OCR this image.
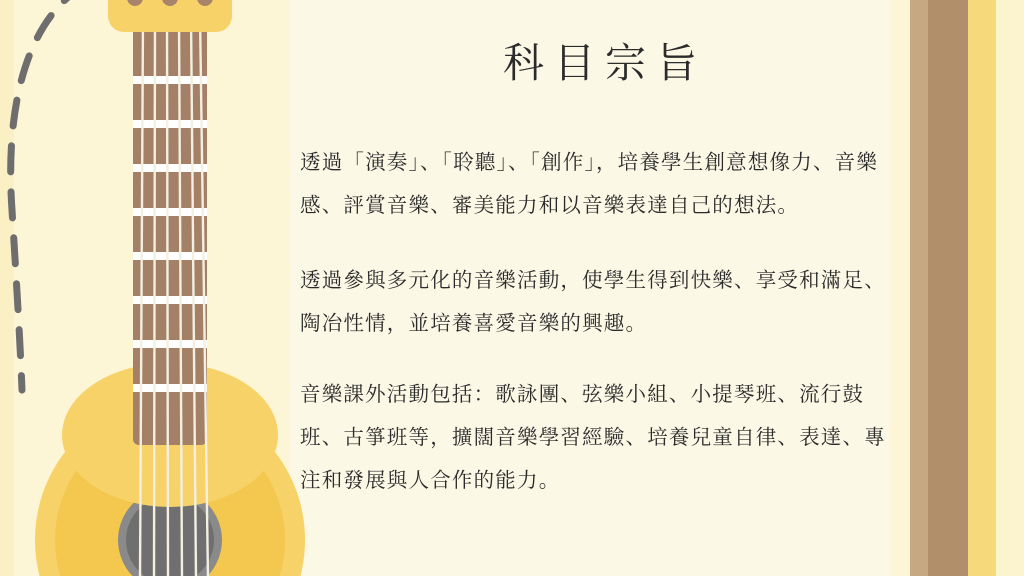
科目宗旨

透過「演奏」、「聆聽」、「創作」，培養學生創意想像力、音樂感、評賞音樂、審美能力和以音樂表達自己的想法。

透過參與多元化的音樂活動，使學生得到快樂、享受和滿足、陶冶性情，並培養喜愛音樂的興趣。

音樂課外活動包括：歌詠團、弦樂小組、小提琴班、流行鼓班、古箏班等，擴闊音樂學習經驗、培養兒童自律、表達、專注和發展與人合作的能力。
